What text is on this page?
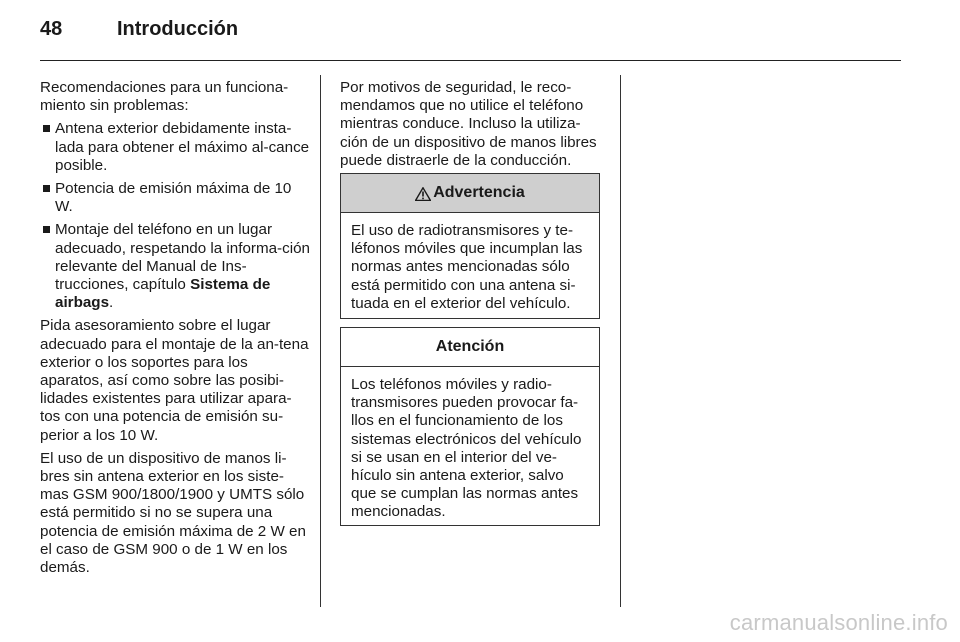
48	Introducción

Recomendaciones para un funciona-miento sin problemas:

Antena exterior debidamente insta-lada para obtener el máximo al-cance posible.
Potencia de emisión máxima de 10 W.
Montaje del teléfono en un lugar adecuado, respetando la informa-ción relevante del Manual de Ins-trucciones, capítulo Sistema de airbags.

Pida asesoramiento sobre el lugar adecuado para el montaje de la an-tena exterior o los soportes para los aparatos, así como sobre las posibi-lidades existentes para utilizar apara-tos con una potencia de emisión su-perior a los 10 W.

El uso de un dispositivo de manos li-bres sin antena exterior en los siste-mas GSM 900/1800/1900 y UMTS sólo está permitido si no se supera una potencia de emisión máxima de 2 W en el caso de GSM 900 o de 1 W en los demás.

Por motivos de seguridad, le reco-mendamos que no utilice el teléfono mientras conduce. Incluso la utiliza-ción de un dispositivo de manos libres puede distraerle de la conducción.

Advertencia
El uso de radiotransmisores y te-léfonos móviles que incumplan las normas antes mencionadas sólo está permitido con una antena si-tuada en el exterior del vehículo.
Atención
Los teléfonos móviles y radio-transmisores pueden provocar fa-llos en el funcionamiento de los sistemas electrónicos del vehículo si se usan en el interior del ve-hículo sin antena exterior, salvo que se cumplan las normas antes mencionadas.
carmanualsonline.info
